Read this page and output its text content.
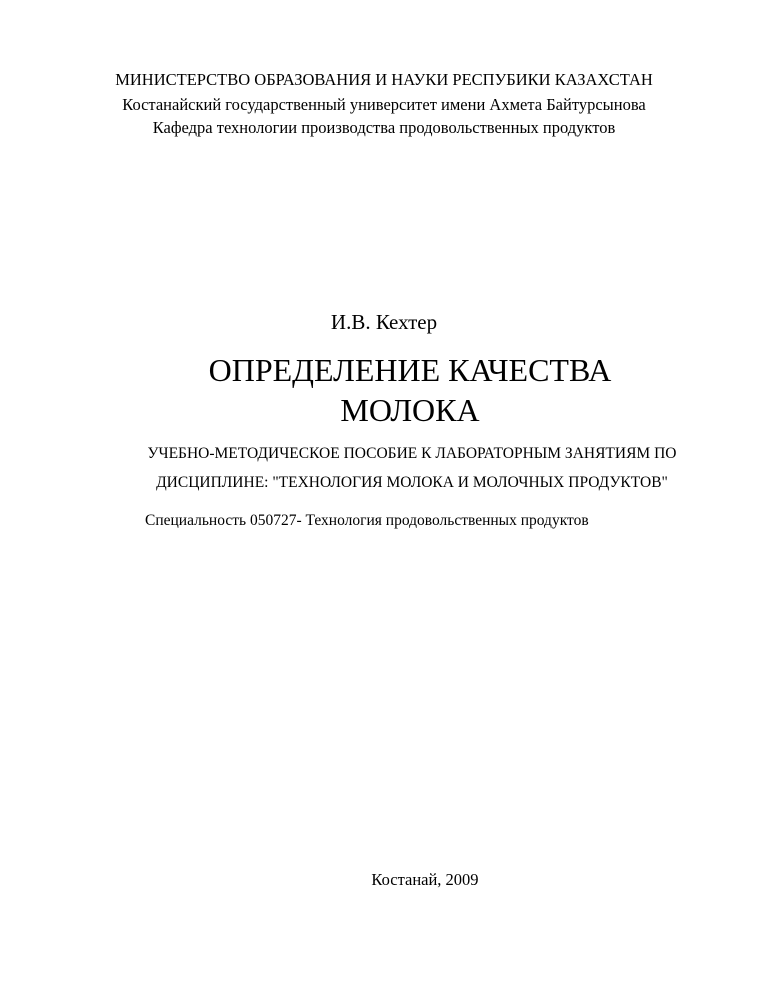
МИНИСТЕРСТВО ОБРАЗОВАНИЯ И НАУКИ РЕСПУБИКИ КАЗАХСТАН
Костанайский государственный университет имени Ахмета Байтурсынова
Кафедра технологии производства продовольственных продуктов
И.В. Кехтер
ОПРЕДЕЛЕНИЕ КАЧЕСТВА
МОЛОКА
УЧЕБНО-МЕТОДИЧЕСКОЕ ПОСОБИЕ К ЛАБОРАТОРНЫМ ЗАНЯТИЯМ ПО
ДИСЦИПЛИНЕ: "ТЕХНОЛОГИЯ МОЛОКА И МОЛОЧНЫХ ПРОДУКТОВ"
Специальность 050727- Технология продовольственных продуктов
Костанай, 2009
